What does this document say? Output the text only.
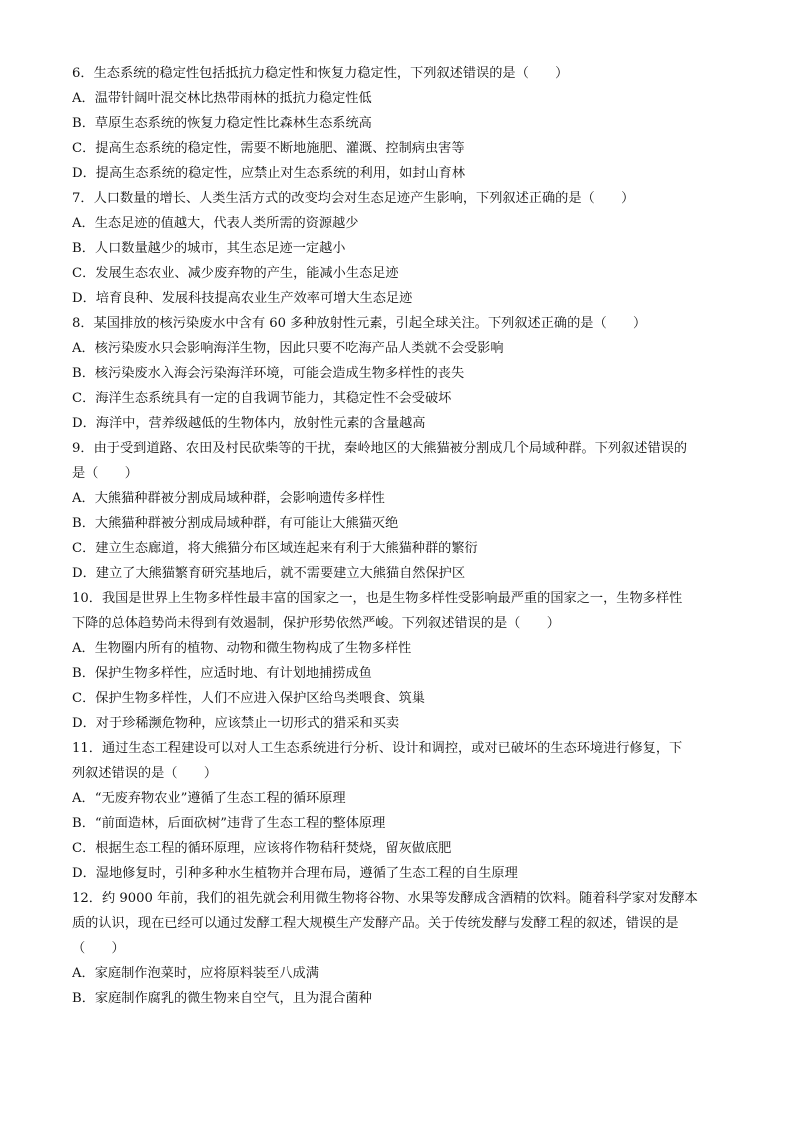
6．生态系统的稳定性包括抵抗力稳定性和恢复力稳定性，下列叙述错误的是（　　）
A．温带针阔叶混交林比热带雨林的抵抗力稳定性低
B．草原生态系统的恢复力稳定性比森林生态系统高
C．提高生态系统的稳定性，需要不断地施肥、灌溉、控制病虫害等
D．提高生态系统的稳定性，应禁止对生态系统的利用，如封山育林
7．人口数量的增长、人类生活方式的改变均会对生态足迹产生影响，下列叙述正确的是（　　）
A．生态足迹的值越大，代表人类所需的资源越少
B．人口数量越少的城市，其生态足迹一定越小
C．发展生态农业、减少废弃物的产生，能减小生态足迹
D．培育良种、发展科技提高农业生产效率可增大生态足迹
8．某国排放的核污染废水中含有 60 多种放射性元素，引起全球关注。下列叙述正确的是（　　）
A．核污染废水只会影响海洋生物，因此只要不吃海产品人类就不会受影响
B．核污染废水入海会污染海洋环境，可能会造成生物多样性的丧失
C．海洋生态系统具有一定的自我调节能力，其稳定性不会受破坏
D．海洋中，营养级越低的生物体内，放射性元素的含量越高
9．由于受到道路、农田及村民砍柴等的干扰，秦岭地区的大熊猫被分割成几个局域种群。下列叙述错误的
是（　　）
A．大熊猫种群被分割成局域种群，会影响遗传多样性
B．大熊猫种群被分割成局域种群，有可能让大熊猫灭绝
C．建立生态廊道，将大熊猫分布区域连起来有利于大熊猫种群的繁衍
D．建立了大熊猫繁育研究基地后，就不需要建立大熊猫自然保护区
10．我国是世界上生物多样性最丰富的国家之一，也是生物多样性受影响最严重的国家之一，生物多样性
下降的总体趋势尚未得到有效遏制，保护形势依然严峻。下列叙述错误的是（　　）
A．生物圈内所有的植物、动物和微生物构成了生物多样性
B．保护生物多样性，应适时地、有计划地捕捞成鱼
C．保护生物多样性，人们不应进入保护区给鸟类喂食、筑巢
D．对于珍稀濒危物种，应该禁止一切形式的猎采和买卖
11．通过生态工程建设可以对人工生态系统进行分析、设计和调控，或对已破坏的生态环境进行修复，下
列叙述错误的是（　　）
A．“无废弃物农业”遵循了生态工程的循环原理
B．“前面造林，后面砍树”违背了生态工程的整体原理
C．根据生态工程的循环原理，应该将作物秸秆焚烧，留灰做底肥
D．湿地修复时，引种多种水生植物并合理布局，遵循了生态工程的自生原理
12．约 9000 年前，我们的祖先就会利用微生物将谷物、水果等发酵成含酒精的饮料。随着科学家对发酵本
质的认识，现在已经可以通过发酵工程大规模生产发酵产品。关于传统发酵与发酵工程的叙述，错误的是
（　　）
A．家庭制作泡菜时，应将原料装至八成满
B．家庭制作腐乳的微生物来自空气，且为混合菌种
